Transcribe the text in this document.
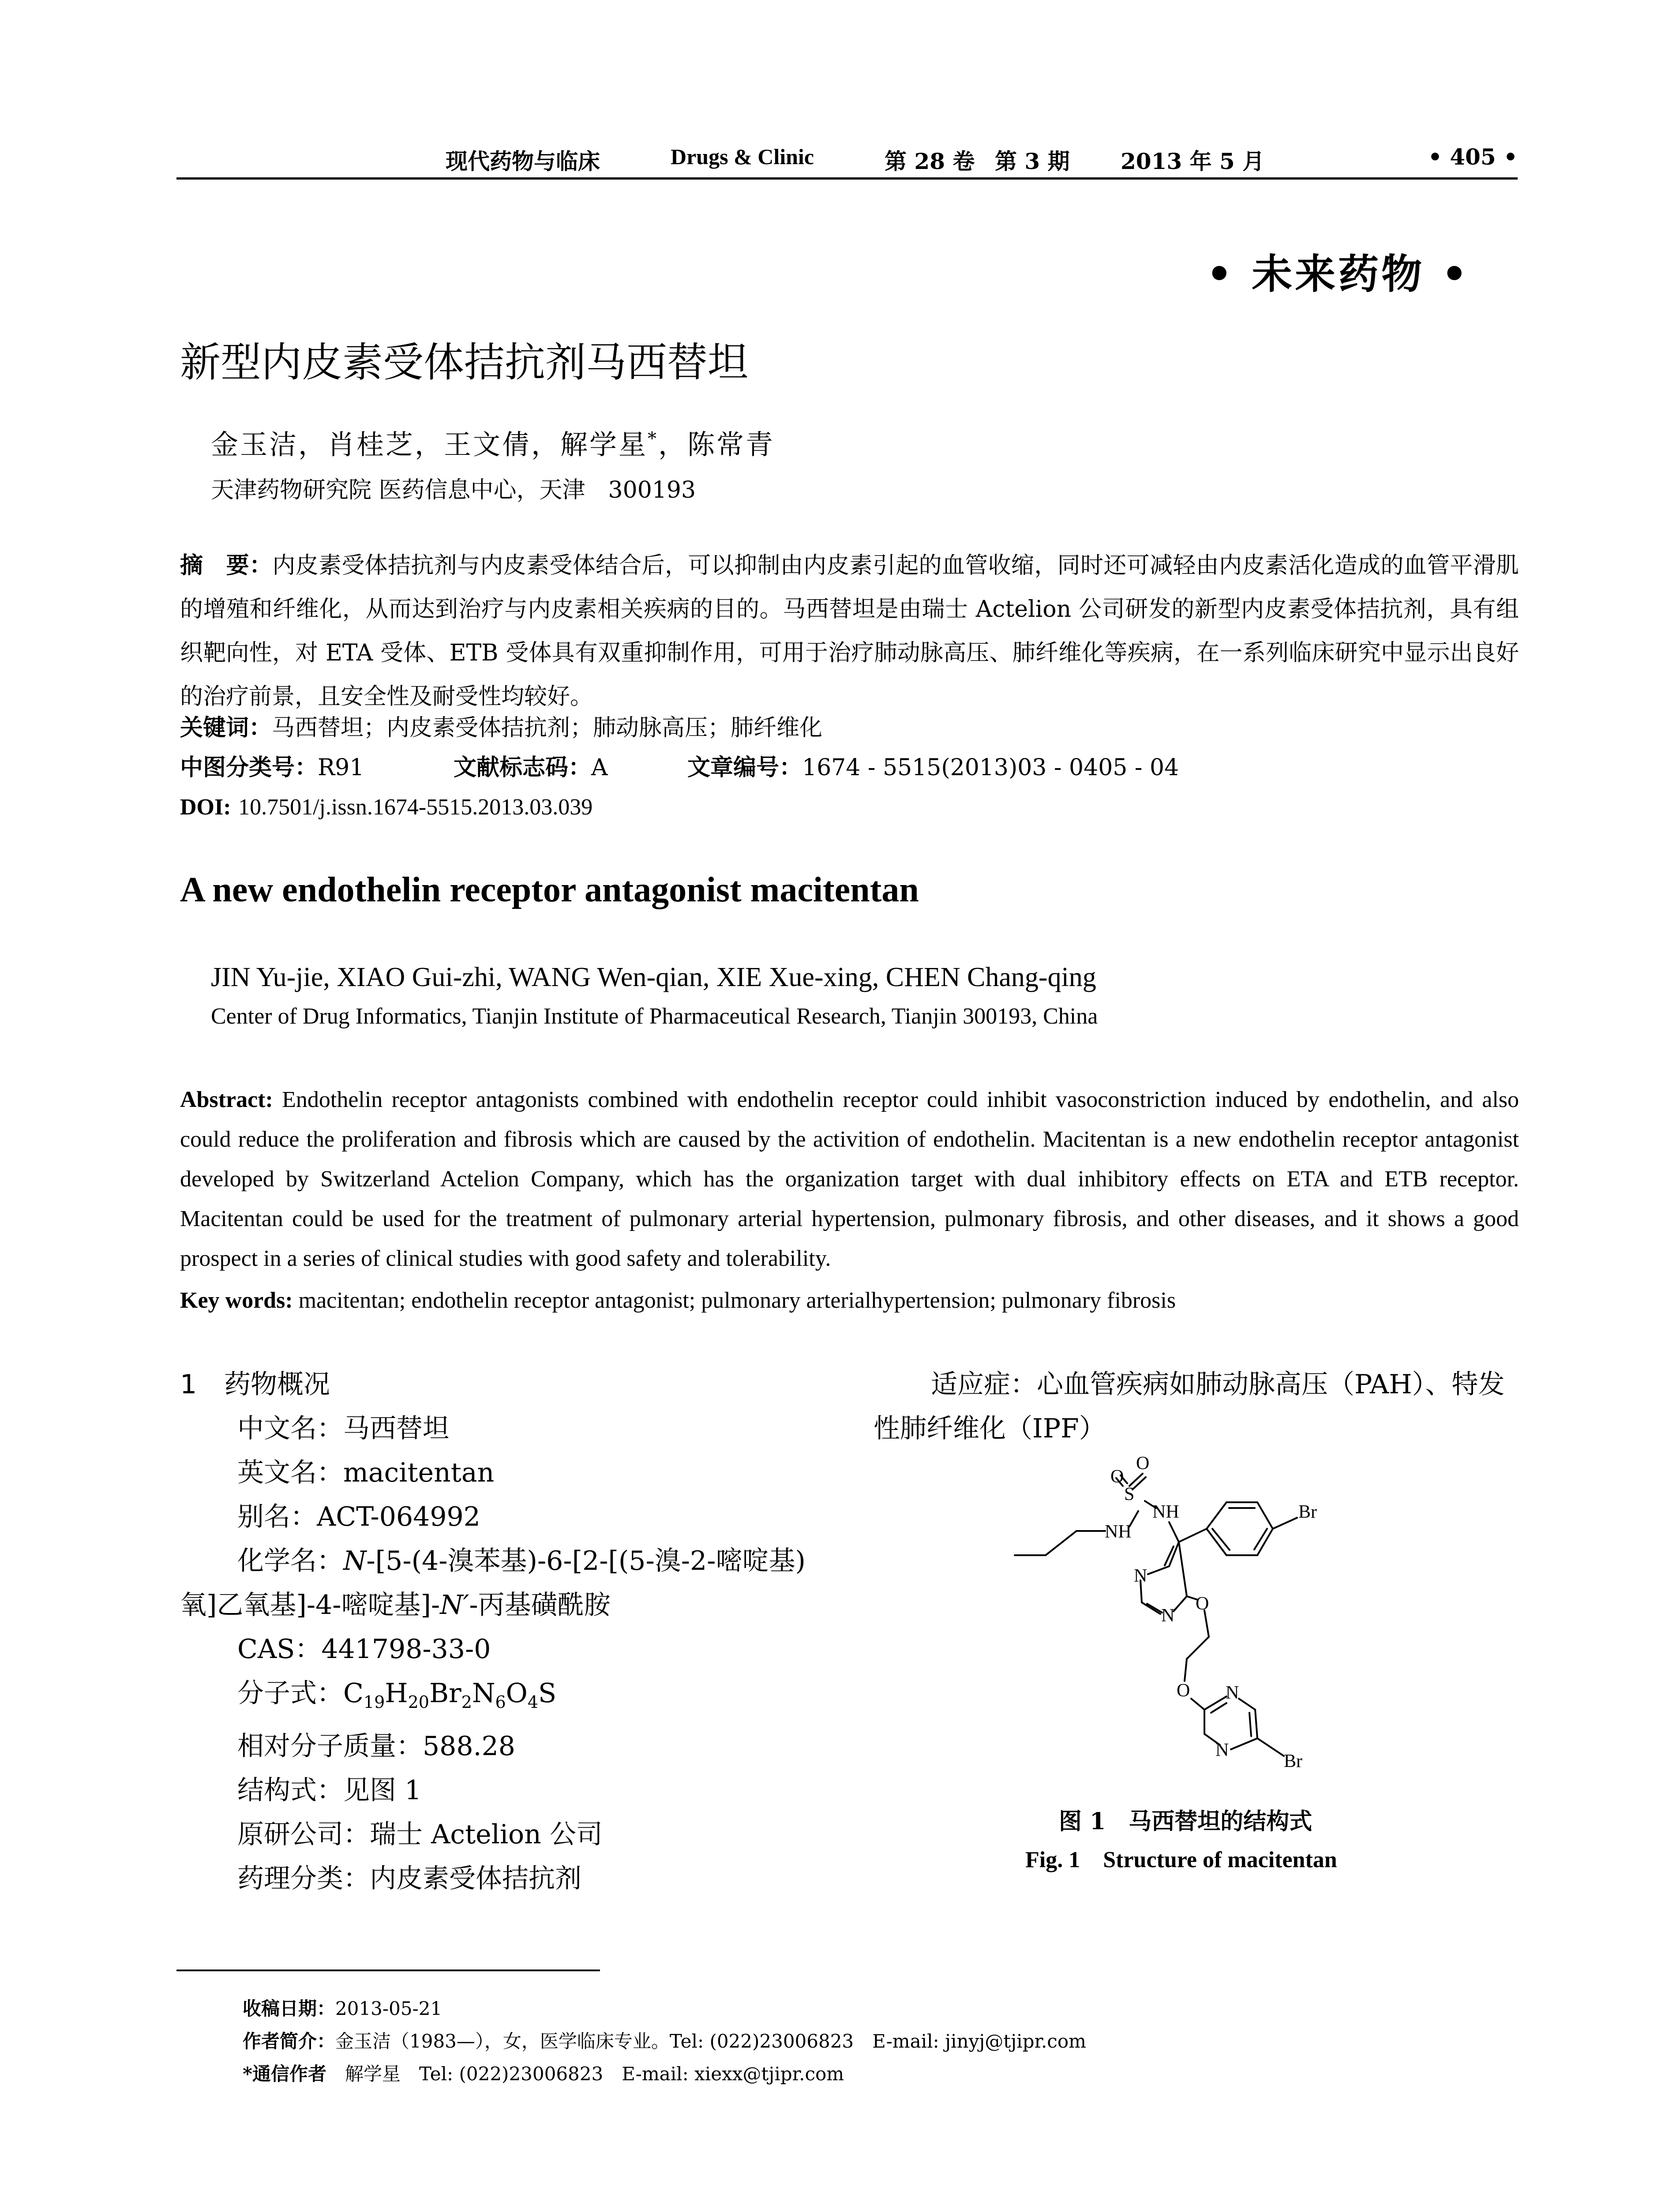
现代药物与临床	Drugs & Clinic	第 28 卷 第 3 期 2013 年 5 月	• 405 •
• 未来药物 •
新型内皮素受体拮抗剂马西替坦
金玉洁，肖桂芝，王文倩，解学星*，陈常青
天津药物研究院 医药信息中心，天津　300193
摘　要：内皮素受体拮抗剂与内皮素受体结合后，可以抑制由内皮素引起的血管收缩，同时还可减轻由内皮素活化造成的血管平滑肌的增殖和纤维化，从而达到治疗与内皮素相关疾病的目的。马西替坦是由瑞士 Actelion 公司研发的新型内皮素受体拮抗剂，具有组织靶向性，对 ETA 受体、ETB 受体具有双重抑制作用，可用于治疗肺动脉高压、肺纤维化等疾病，在一系列临床研究中显示出良好的治疗前景，且安全性及耐受性均较好。
关键词：马西替坦；内皮素受体拮抗剂；肺动脉高压；肺纤维化
中图分类号：R91	文献标志码：A	文章编号：1674 - 5515(2013)03 - 0405 - 04
DOI: 10.7501/j.issn.1674-5515.2013.03.039
A new endothelin receptor antagonist macitentan
JIN Yu-jie, XIAO Gui-zhi, WANG Wen-qian, XIE Xue-xing, CHEN Chang-qing
Center of Drug Informatics, Tianjin Institute of Pharmaceutical Research, Tianjin 300193, China
Abstract: Endothelin receptor antagonists combined with endothelin receptor could inhibit vasoconstriction induced by endothelin, and also could reduce the proliferation and fibrosis which are caused by the activition of endothelin. Macitentan is a new endothelin receptor antagonist developed by Switzerland Actelion Company, which has the organization target with dual inhibitory effects on ETA and ETB receptor. Macitentan could be used for the treatment of pulmonary arterial hypertension, pulmonary fibrosis, and other diseases, and it shows a good prospect in a series of clinical studies with good safety and tolerability.
Key words: macitentan; endothelin receptor antagonist; pulmonary arterialhypertension; pulmonary fibrosis
1 药物概况
中文名：马西替坦
英文名：macitentan
别名：ACT-064992
化学名：N-[5-(4-溴苯基)-6-[2-[(5-溴-2-嘧啶基)
氧]乙氧基]-4-嘧啶基]-N′-丙基磺酰胺
CAS：441798-33-0
分子式：$C_{19}H_{20}Br_2N_6O_4S$
相对分子质量：588.28
结构式：见图 1
原研公司：瑞士 Actelion 公司
药理分类：内皮素受体拮抗剂
适应症：心血管疾病如肺动脉高压（PAH）、特发性肺纤维化（IPF）
O
O
S
NH
NH
N
N
Br
O
O N
N
Br
图 1　马西替坦的结构式
Fig. 1　Structure of macitentan
收稿日期：2013-05-21
作者简介：金玉洁（1983—），女，医学临床专业。Tel: (022)23006823　E-mail: jinyj@tjipr.com
*通信作者　解学星　Tel: (022)23006823　E-mail: xiexx@tjipr.com
